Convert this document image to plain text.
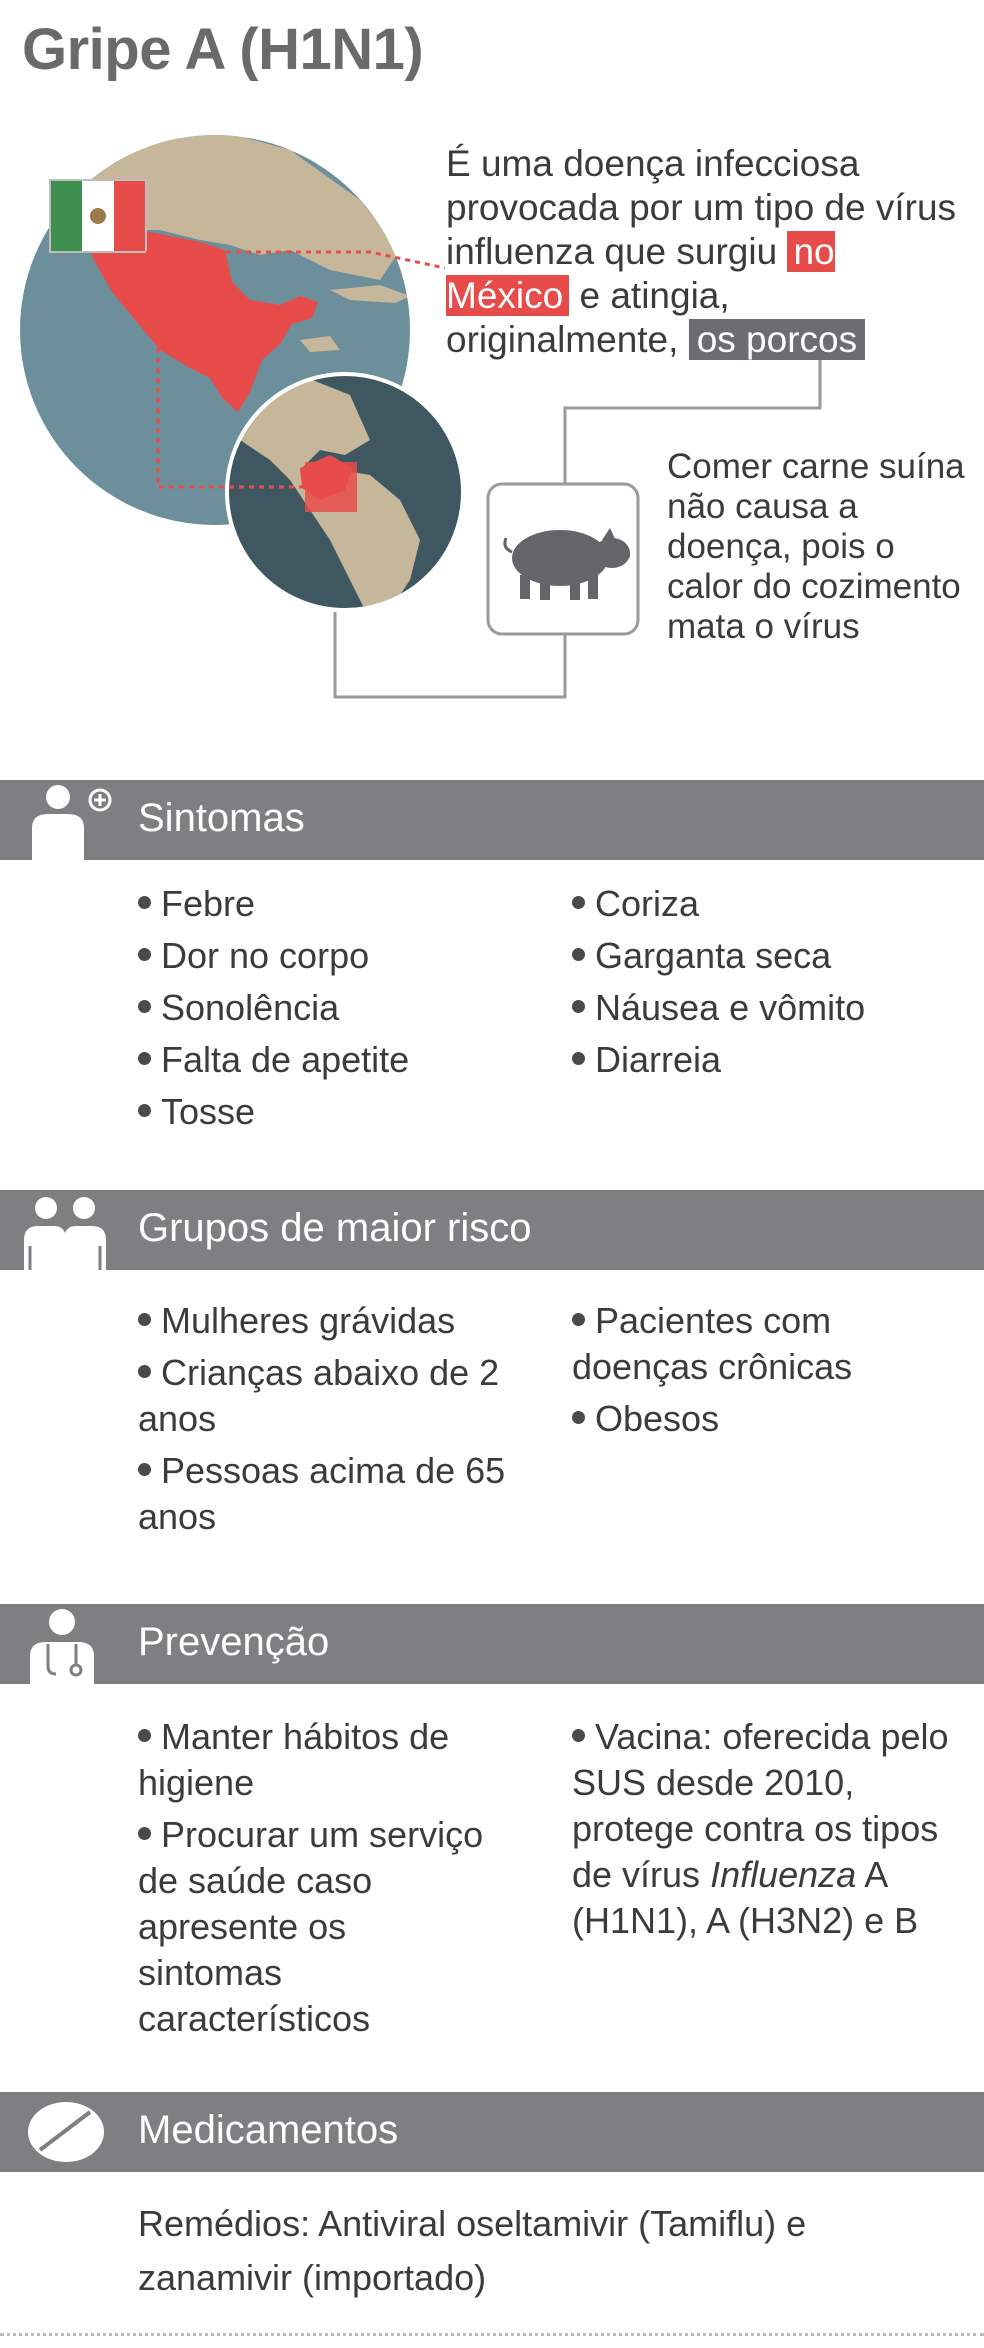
Gripe A (H1N1)

É uma doença infecciosa provocada por um tipo de vírus influenza que surgiu no México e atingia, originalmente, os porcos

Comer carne suína não causa a doença, pois o calor do cozimento mata o vírus

Sintomas

Febre

Dor no corpo

Sonolência

Falta de apetite

Tosse

Coriza

Garganta seca

Náusea e vômito

Diarreia

Grupos de maior risco

Mulheres grávidas

Crianças abaixo de 2 anos

Pessoas acima de 65 anos

Pacientes com doenças crônicas

Obesos

Prevenção

Manter hábitos de higiene

Procurar um serviço de saúde caso apresente os sintomas característicos

Vacina: oferecida pelo SUS desde 2010, protege contra os tipos de vírus Influenza A (H1N1), A (H3N2) e B

Medicamentos

Remédios: Antiviral oseltamivir (Tamiflu) e zanamivir (importado)
